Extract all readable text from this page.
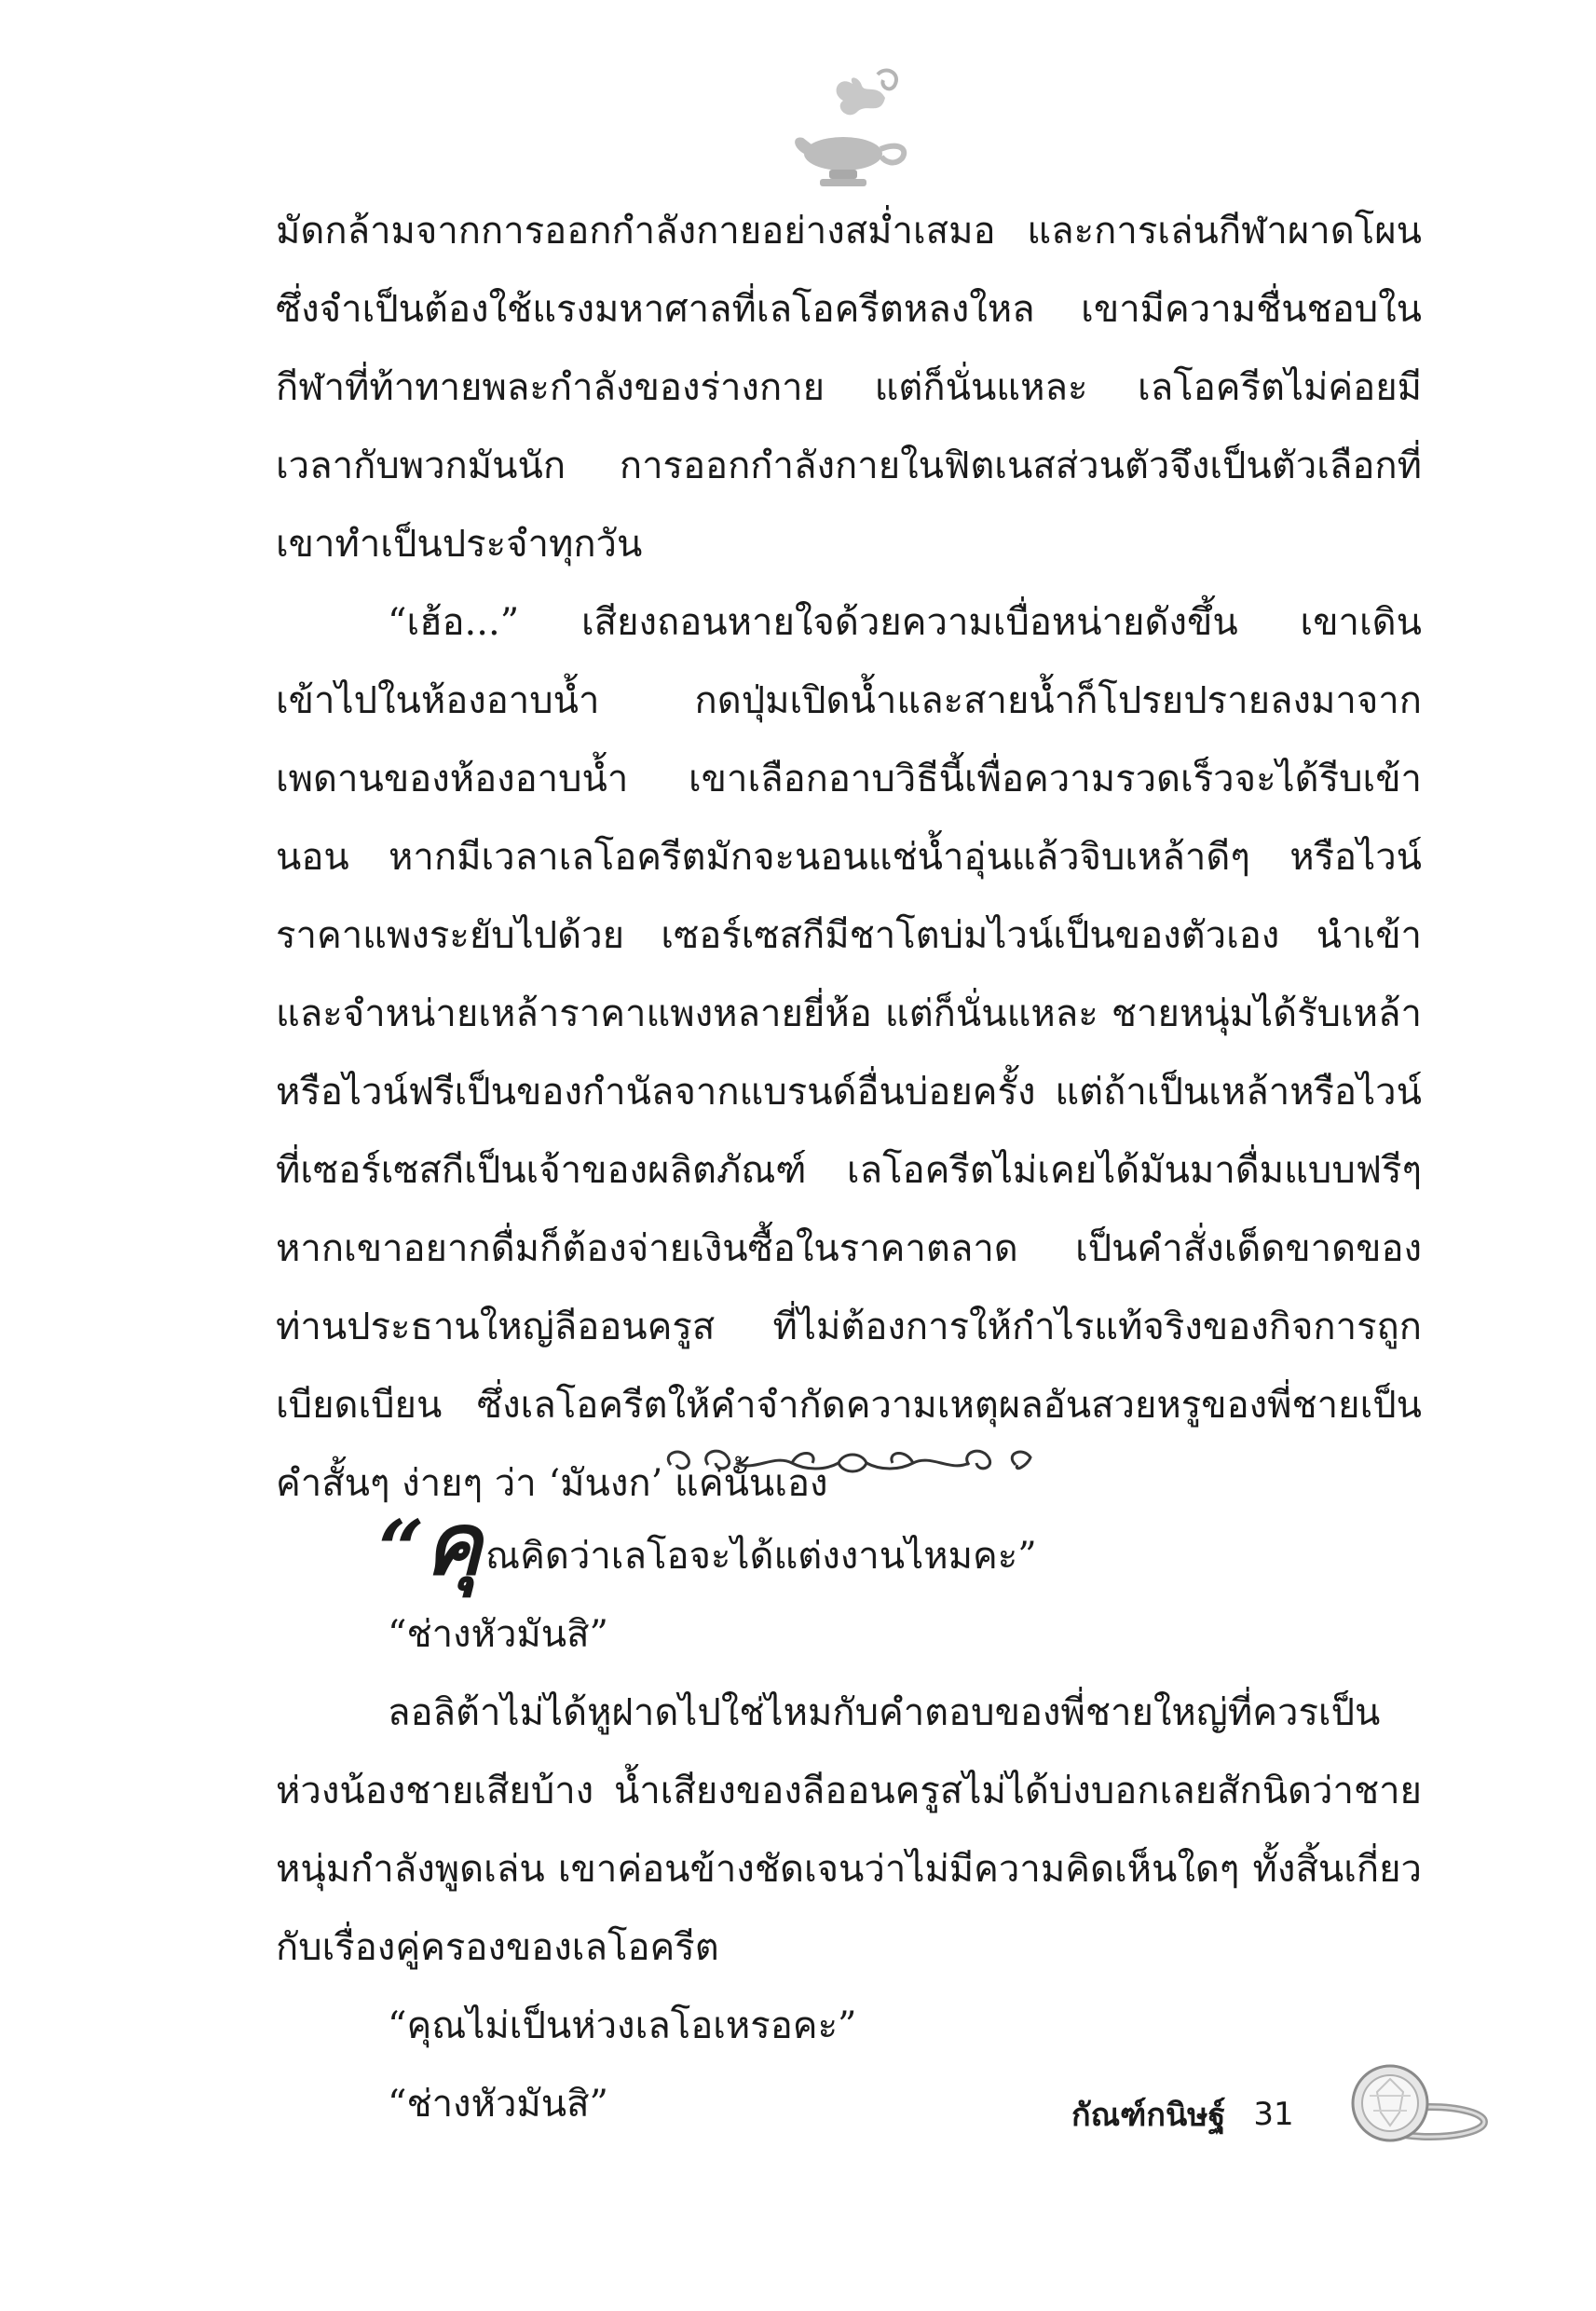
มัดกล้ามจากการออกกำลังกายอย่างสม่ำเสมอ และการเล่นกีฬาผาดโผน ซึ่งจำเป็นต้องใช้แรงมหาศาลที่เลโอครีตหลงใหล เขามีความชื่นชอบในกีฬาที่ท้าทายพละกำลังของร่างกาย แต่ก็นั่นแหละ เลโอครีตไม่ค่อยมีเวลากับพวกมันนัก การออกกำลังกายในฟิตเนสส่วนตัวจึงเป็นตัวเลือกที่เขาทำเป็นประจำทุกวัน

“เฮ้อ...” เสียงถอนหายใจด้วยความเบื่อหน่ายดังขึ้น เขาเดินเข้าไปในห้องอาบน้ำ กดปุ่มเปิดน้ำและสายน้ำก็โปรยปรายลงมาจากเพดานของห้องอาบน้ำ เขาเลือกอาบวิธีนี้เพื่อความรวดเร็วจะได้รีบเข้านอน หากมีเวลาเลโอครีตมักจะนอนแช่น้ำอุ่นแล้วจิบเหล้าดีๆ หรือไวน์ราคาแพงระยับไปด้วย เซอร์เซสกีมีชาโตบ่มไวน์เป็นของตัวเอง นำเข้าและจำหน่ายเหล้าราคาแพงหลายยี่ห้อ แต่ก็นั่นแหละ ชายหนุ่มได้รับเหล้าหรือไวน์ฟรีเป็นของกำนัลจากแบรนด์อื่นบ่อยครั้ง แต่ถ้าเป็นเหล้าหรือไวน์ที่เซอร์เซสกีเป็นเจ้าของผลิตภัณฑ์ เลโอครีตไม่เคยได้มันมาดื่มแบบฟรีๆ หากเขาอยากดื่มก็ต้องจ่ายเงินซื้อในราคาตลาด เป็นคำสั่งเด็ดขาดของท่านประธานใหญ่ลีออนครูส ที่ไม่ต้องการให้กำไรแท้จริงของกิจการถูกเบียดเบียน ซึ่งเลโอครีตให้คำจำกัดความเหตุผลอันสวยหรูของพี่ชายเป็นคำสั้นๆ ง่ายๆ ว่า ‘มันงก’ แค่นั้นเอง

“คุ ณคิดว่าเลโอจะได้แต่งงานไหมคะ”

“ช่างหัวมันสิ”

ลอลิต้าไม่ได้หูฝาดไปใช่ไหมกับคำตอบของพี่ชายใหญ่ที่ควรเป็นห่วงน้องชายเสียบ้าง น้ำเสียงของลีออนครูสไม่ได้บ่งบอกเลยสักนิดว่าชายหนุ่มกำลังพูดเล่น เขาค่อนข้างชัดเจนว่าไม่มีความคิดเห็นใดๆ ทั้งสิ้นเกี่ยวกับเรื่องคู่ครองของเลโอครีต

“คุณไม่เป็นห่วงเลโอเหรอคะ”

“ช่างหัวมันสิ”	กัณฑ์กนิษฐ์ 31
